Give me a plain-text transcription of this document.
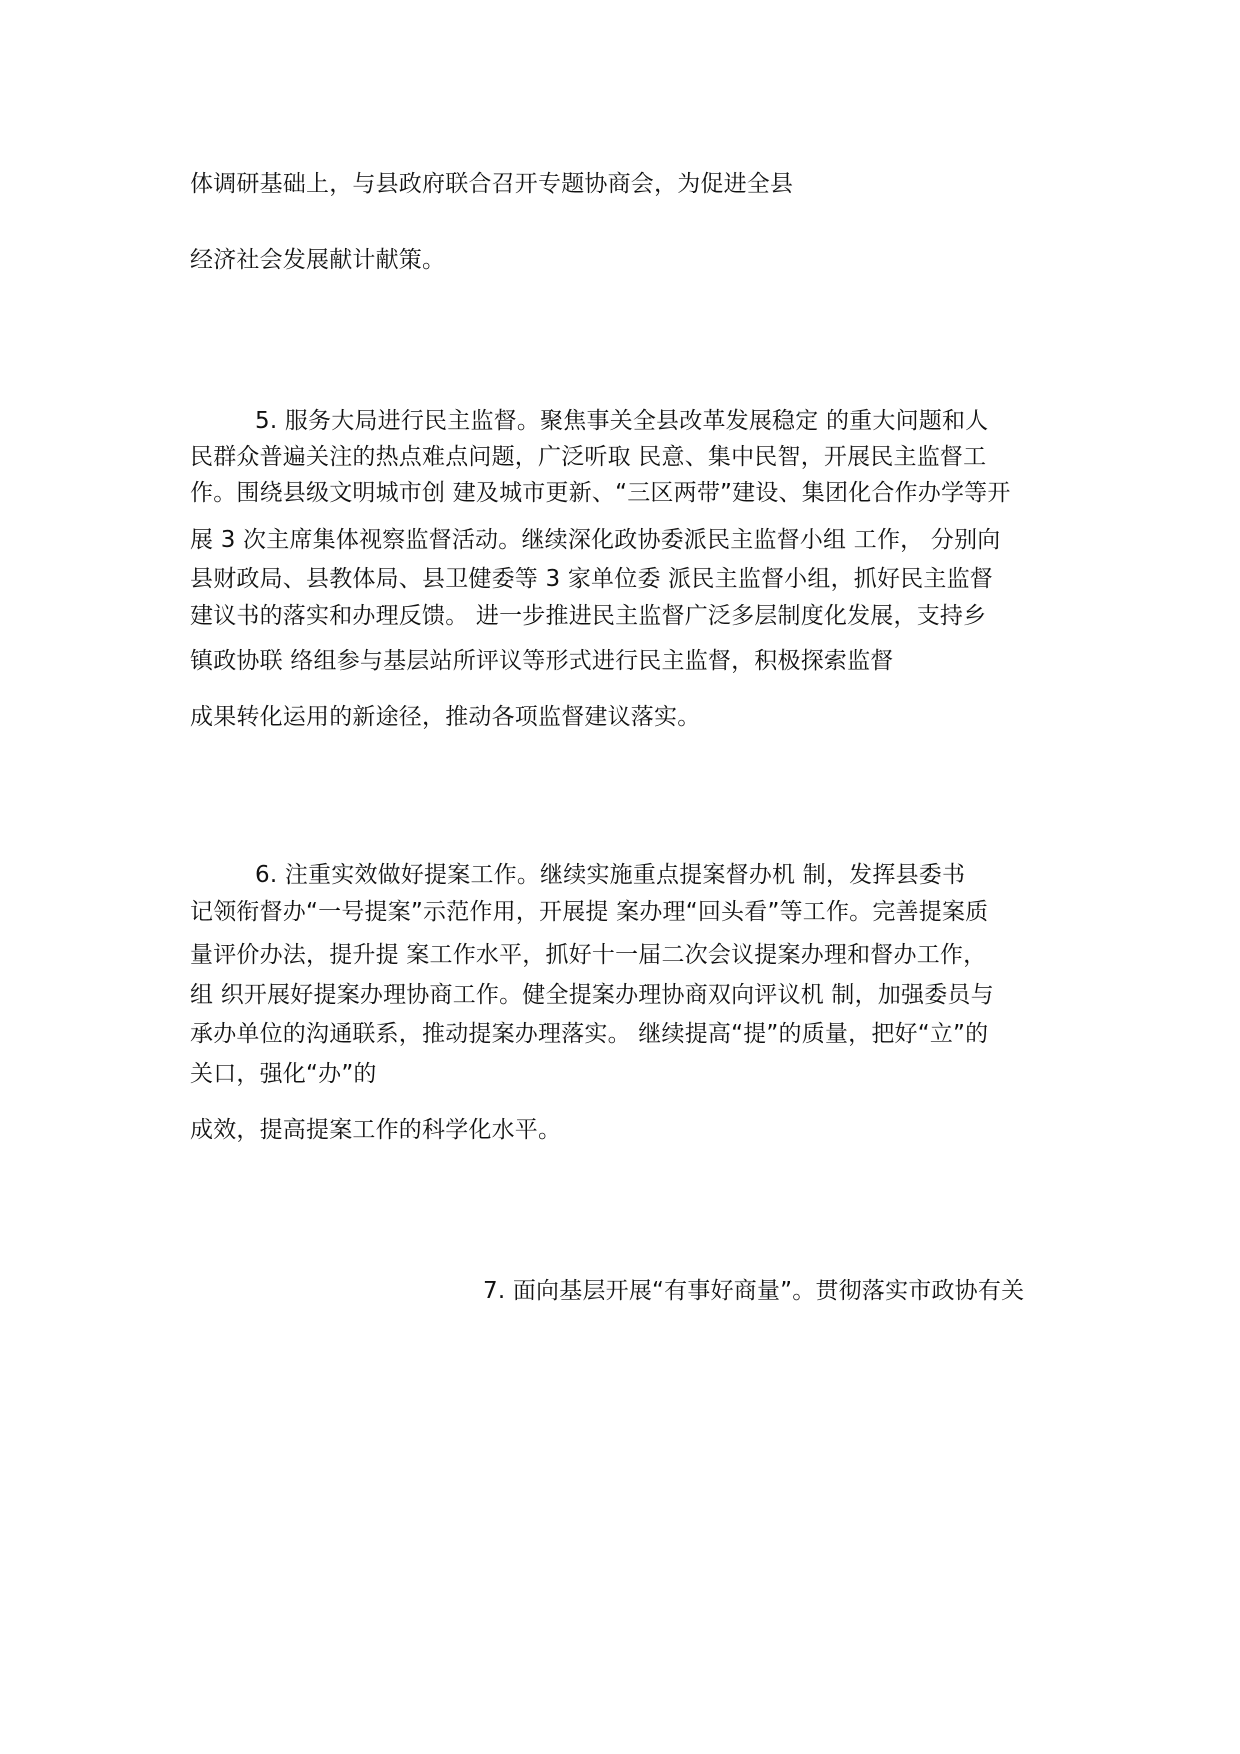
体调研基础上，与县政府联合召开专题协商会，为促进全县
经济社会发展献计献策。
5. 服务大局进行民主监督。聚焦事关全县改革发展稳定 的重大问题和人
民群众普遍关注的热点难点问题，广泛听取 民意、集中民智，开展民主监督工
作。围绕县级文明城市创 建及城市更新、“三区两带”建设、集团化合作办学等开
展 3 次主席集体视察监督活动。继续深化政协委派民主监督小组 工作， 分别向
县财政局、县教体局、县卫健委等 3 家单位委 派民主监督小组，抓好民主监督
建议书的落实和办理反馈。 进一步推进民主监督广泛多层制度化发展，支持乡
镇政协联 络组参与基层站所评议等形式进行民主监督，积极探索监督
成果转化运用的新途径，推动各项监督建议落实。
6. 注重实效做好提案工作。继续实施重点提案督办机 制，发挥县委书
记领衔督办“一号提案”示范作用，开展提 案办理“回头看”等工作。完善提案质
量评价办法，提升提 案工作水平，抓好十一届二次会议提案办理和督办工作，
组 织开展好提案办理协商工作。健全提案办理协商双向评议机 制，加强委员与
承办单位的沟通联系，推动提案办理落实。 继续提高“提”的质量，把好“立”的
关口，强化“办”的
成效，提高提案工作的科学化水平。
7. 面向基层开展“有事好商量”。贯彻落实市政协有关
